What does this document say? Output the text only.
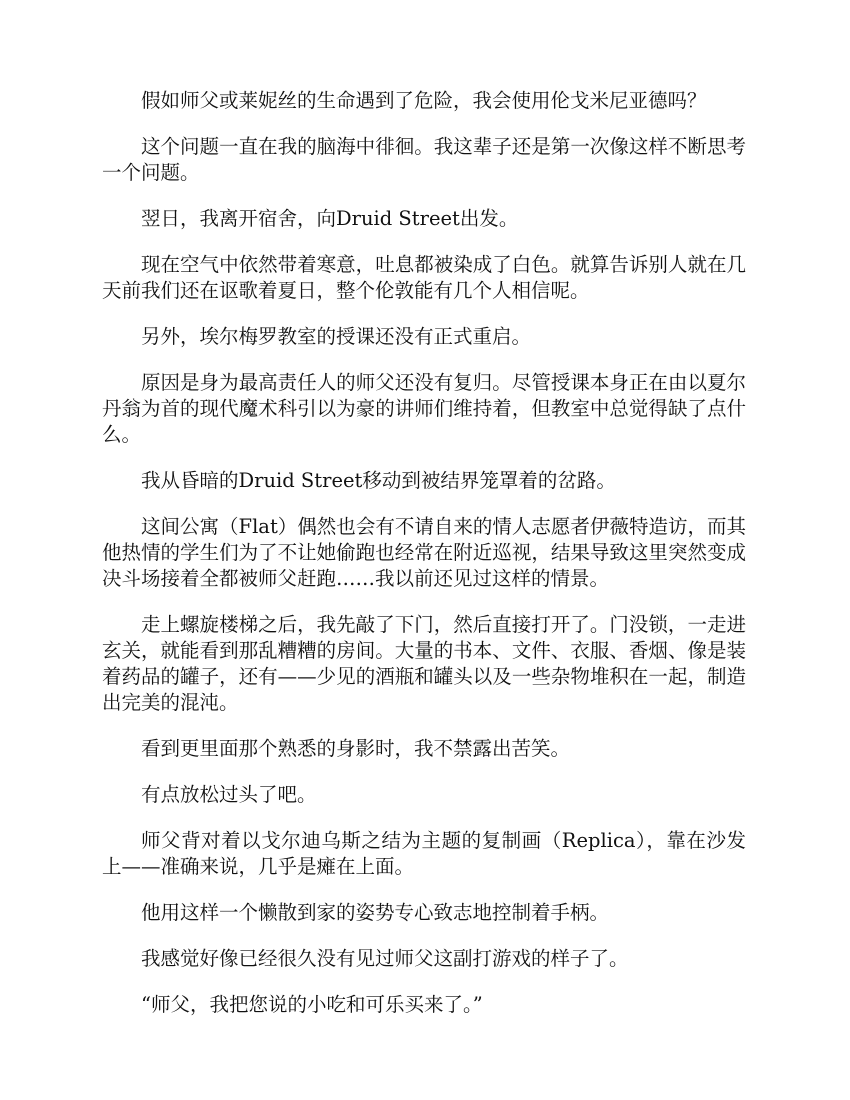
假如师父或莱妮丝的生命遇到了危险，我会使用伦戈米尼亚德吗？

这个问题一直在我的脑海中徘徊。我这辈子还是第一次像这样不断思考一个问题。

翌日，我离开宿舍，向Druid Street出发。

现在空气中依然带着寒意，吐息都被染成了白色。就算告诉别人就在几天前我们还在讴歌着夏日，整个伦敦能有几个人相信呢。

另外，埃尔梅罗教室的授课还没有正式重启。

原因是身为最高责任人的师父还没有复归。尽管授课本身正在由以夏尔丹翁为首的现代魔术科引以为豪的讲师们维持着，但教室中总觉得缺了点什么。

我从昏暗的Druid Street移动到被结界笼罩着的岔路。

这间公寓（Flat）偶然也会有不请自来的情人志愿者伊薇特造访，而其他热情的学生们为了不让她偷跑也经常在附近巡视，结果导致这里突然变成决斗场接着全都被师父赶跑……我以前还见过这样的情景。

走上螺旋楼梯之后，我先敲了下门，然后直接打开了。门没锁，一走进玄关，就能看到那乱糟糟的房间。大量的书本、文件、衣服、香烟、像是装着药品的罐子，还有——少见的酒瓶和罐头以及一些杂物堆积在一起，制造出完美的混沌。

看到更里面那个熟悉的身影时，我不禁露出苦笑。

有点放松过头了吧。

师父背对着以戈尔迪乌斯之结为主题的复制画（Replica），靠在沙发上——准确来说，几乎是瘫在上面。

他用这样一个懒散到家的姿势专心致志地控制着手柄。

我感觉好像已经很久没有见过师父这副打游戏的样子了。

“师父，我把您说的小吃和可乐买来了。”
